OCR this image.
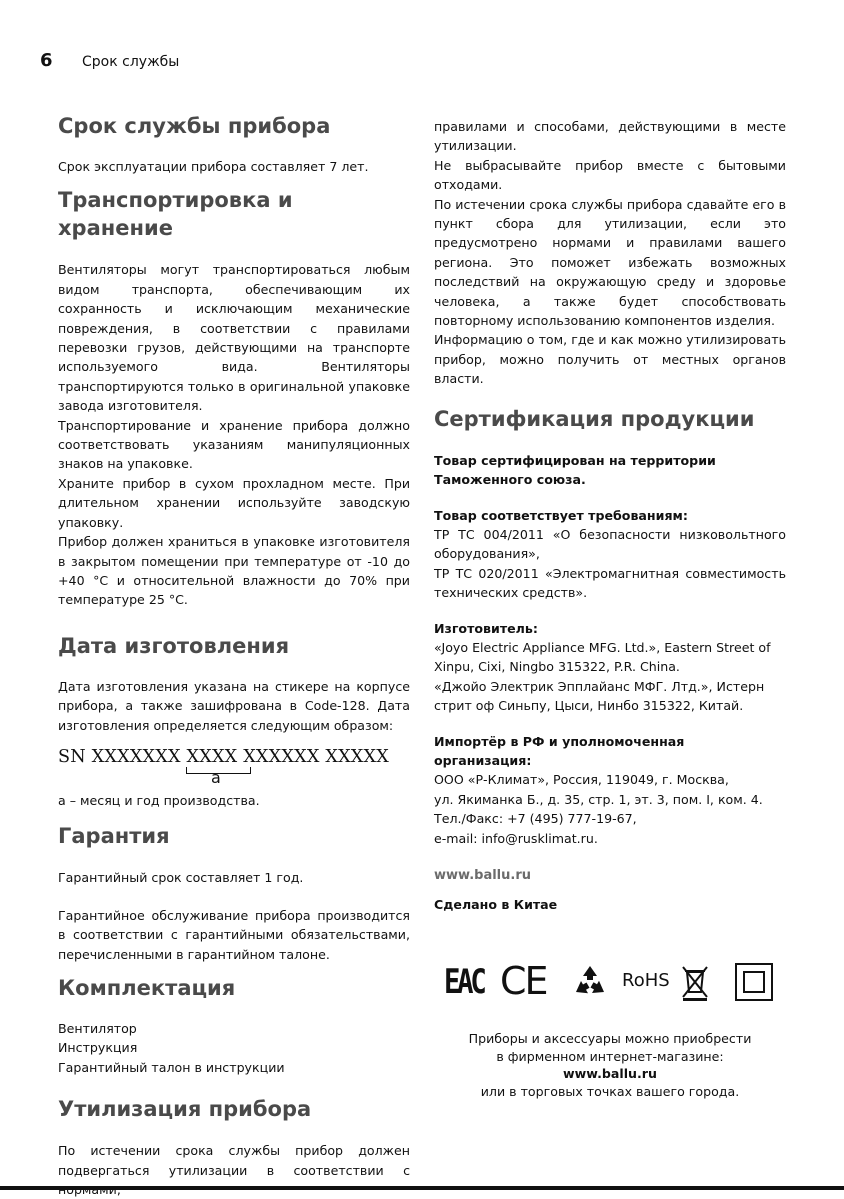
6	Срок службы
Срок службы прибора

Срок эксплуатации прибора составляет 7 лет.

Транспортировка и хранение

Вентиляторы могут транспортироваться любым видом транспорта, обеспечивающим их сохранность и исключающим механические повреждения, в соответствии с правилами перевозки грузов, действующими на транспорте используемого вида. Вентиляторы транспортируются только в оригинальной упаковке завода изготовителя.

Транспортирование и хранение прибора должно соответствовать указаниям манипуляционных знаков на упаковке.

Храните прибор в сухом прохладном месте. При длительном хранении используйте заводскую упаковку.

Прибор должен храниться в упаковке изготовителя в закрытом помещении при температуре от -10 до +40 °С и относительной влажности до 70% при температуре 25 °С.

Дата изготовления

Дата изготовления указана на стикере на корпусе прибора, а также зашифрована в Code-128. Дата изготовления определяется следующим образом:

SN XXXXXXX XXXX XXXXXX XXXXX
a

а – месяц и год производства.

Гарантия

Гарантийный срок составляет 1 год.

Гарантийное обслуживание прибора производится в соответствии с гарантийными обязательствами, перечисленными в гарантийном талоне.

Комплектация

Вентилятор

Инструкция

Гарантийный талон в инструкции

Утилизация прибора

По истечении срока службы прибор должен подвергаться утилизации в соответствии с

правилами и способами, действующими в месте утилизации.

Не выбрасывайте прибор вместе с бытовыми отходами.

По истечении срока службы прибора сдавайте его в пункт сбора для утилизации, если это предусмотрено нормами и правилами вашего региона. Это поможет избежать возможных последствий на окружающую среду и здоровье человека, а также будет способствовать повторному использованию компонентов изделия.

Информацию о том, где и как можно утилизировать прибор, можно получить от местных органов власти.

Сертификация продукции

Товар сертифицирован на территории Таможенного союза.

Товар соответствует требованиям:

ТР ТС 004/2011 «О безопасности низковольтного оборудования»,

ТР ТС 020/2011 «Электромагнитная совместимость технических средств».

Изготовитель:

«Joyo Electric Appliance MFG. Ltd.», Eastern Street of Xinpu, Cixi, Ningbo 315322, P.R. China.

«Джойо Электрик Эпплайанс МФГ. Лтд.», Истерн стрит оф Синьпу, Цыси, Нинбо 315322, Китай.

Импортёр в РФ и уполномоченная организация:

ООО «Р-Климат», Россия, 119049, г. Москва,

ул. Якиманка Б., д. 35, стр. 1, эт. 3, пом. I, ком. 4.

Тел./Факс: +7 (495) 777-19-67,

e-mail: info@rusklimat.ru.

www.ballu.ru

Сделано в Китае

EAC CE	RoHS
Приборы и аксессуары можно приобрести
в фирменном интернет-магазине:
www.ballu.ru
или в торговых точках вашего города.
